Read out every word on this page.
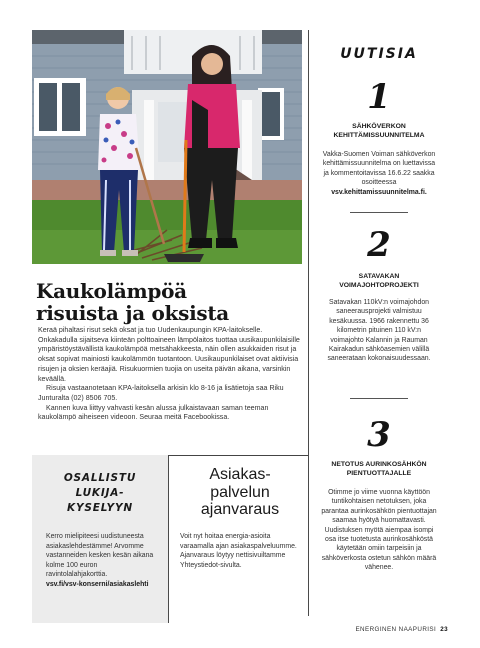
Kaukolämpöä
risuista ja oksista

Keraä pihaltasi risut sekä oksat ja tuo Uudenkaupungin KPA-laitokselle. Onkakadulla sijaitseva kiinteän polttoaineen lämpölaitos tuottaa uusikaupunkilaisille ympäristöystävällistä kaukolämpöä metsähakkeesta, näin ollen asukkaiden risut ja oksat sopivat mainiosti kaukolämmön tuotantoon. Uusikaupunkilaiset ovat aktiivisia risujen ja oksien keräajiä. Risukuormien tuojia on useita päivän aikana, varsinkin keväällä.

Risuja vastaanotetaan KPA-laitoksella arkisin klo 8-16 ja lisätietoja saa Riku Junturalta (02) 8506 705.

Kannen kuva liittyy vahvasti kesän alussa julkaistavaan saman teeman kaukolämpö aiheiseen videoon. Seuraa meitä Facebookissa.

OSALLISTU
LUKIJA-
KYSELYYN
Kerro mielipiteesi uudistuneesta asiakaslehdestämme! Arvomme vastanneiden kesken kesän aikana kolme 100 euron ravintolalahjakorttia.
vsv.fi/vsv-konserni/asiakaslehti
Asiakas-
palvelun
ajanvaraus
Voit nyt hoitaa energia-asioita varaamalla ajan asiakaspalveluumme. Ajanvaraus löytyy nettisivuiltamme Yhteystiedot-sivulta.
UUTISIA
1
SÄHKÖVERKON KEHITTÄMISSUUNNITELMA
Vakka-Suomen Voiman sähköverkon kehittämissuunnitelma on luettavissa ja kommentoitavissa 16.6.22 saakka osoitteessa vsv.kehittamissuunnitelma.fi.
2
SATAVAKAN VOIMAJOHTOPROJEKTI
Satavakan 110kV:n voimajohdon saneerausprojekti valmistuu kesäkuussa. 1966 rakennettu 36 kilometrin pituinen 110 kV:n voimajohto Kalannin ja Rauman Kairakadun sähköasemien välillä saneerataan kokonaisuudessaan.
3
NETOTUS AURINKOSÄHKÖN PIENTUOTTAJALLE
Otimme jo viime vuonna käyttöön tuntikohtaisen netotuksen, joka parantaa aurinkosähkön pientuottajan saamaa hyötyä huomattavasti. Uudistuksen myötä aiempaa isompi osa itse tuotetusta aurinkosähköstä käytetään omiin tarpeisiin ja sähköverkosta ostetun sähkön määrä vähenee.
ENERGINEN NAAPURISI 23
